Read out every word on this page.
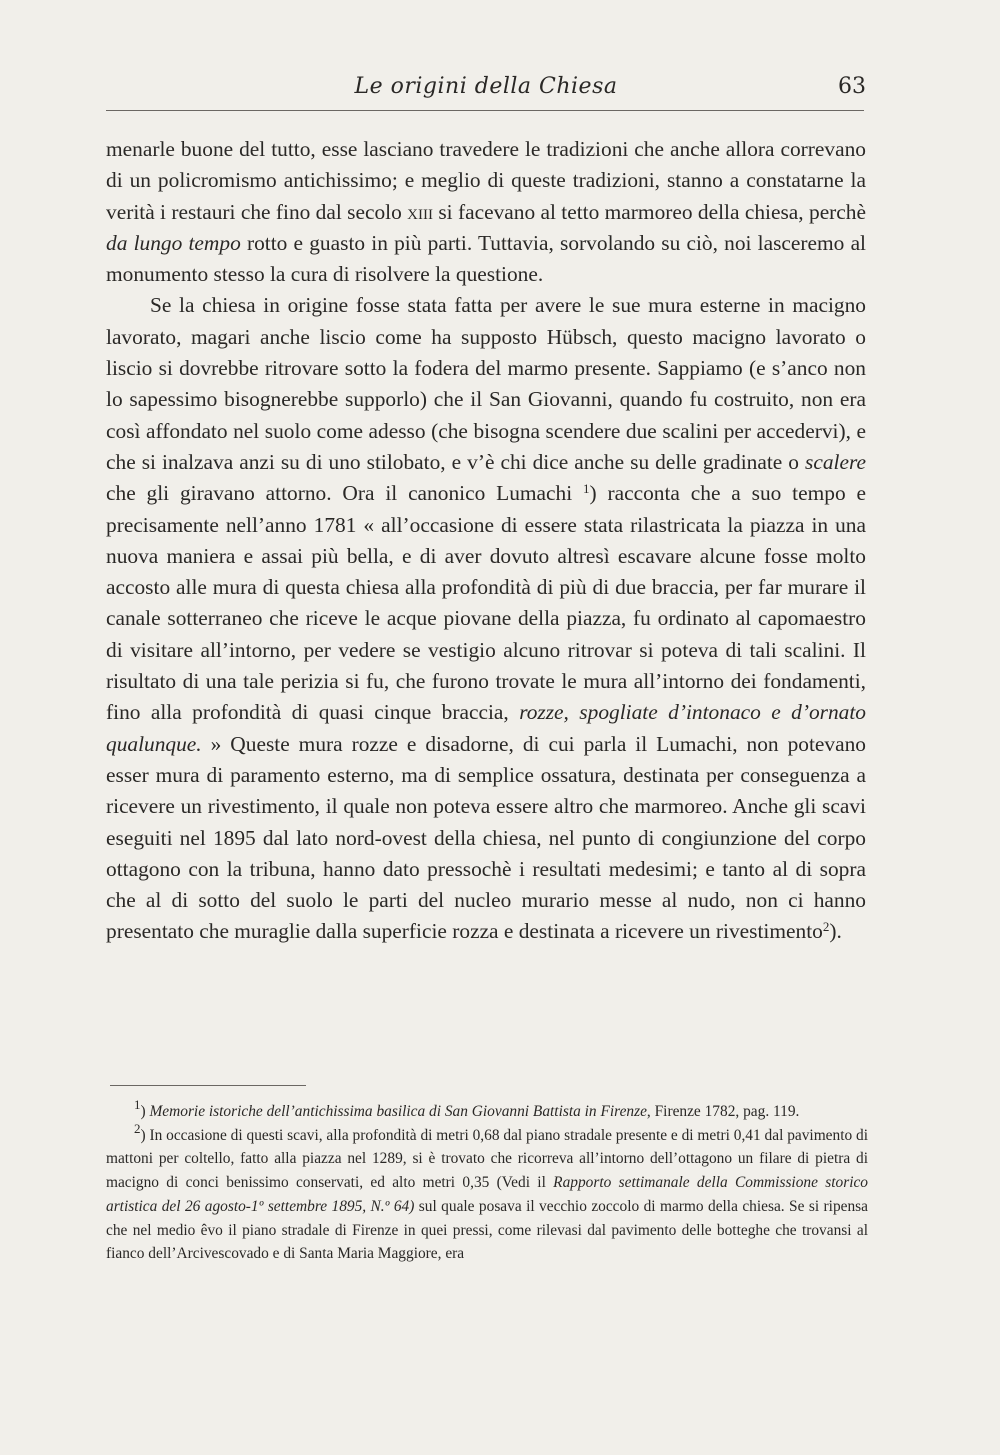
Le origini della Chiesa	63

menarle buone del tutto, esse lasciano travedere le tradizioni che anche allora correvano di un policromismo antichissimo; e meglio di queste tradizioni, stanno a constatarne la verità i restauri che fino dal secolo xiii si facevano al tetto marmoreo della chiesa, perchè da lungo tempo rotto e guasto in più parti. Tuttavia, sorvolando su ciò, noi lasceremo al monumento stesso la cura di risolvere la questione.

Se la chiesa in origine fosse stata fatta per avere le sue mura esterne in macigno lavorato, magari anche liscio come ha supposto Hübsch, questo macigno lavorato o liscio si dovrebbe ritrovare sotto la fodera del marmo presente. Sappiamo (e s’anco non lo sapessimo bisognerebbe supporlo) che il San Giovanni, quando fu costruito, non era così affondato nel suolo come adesso (che bisogna scendere due scalini per accedervi), e che si inalzava anzi su di uno stilobato, e v’è chi dice anche su delle gradinate o scalere che gli giravano attorno. Ora il canonico Lumachi $^1$) racconta che a suo tempo e precisamente nell’anno 1781 « all’occasione di essere stata rilastricata la piazza in una nuova maniera e assai più bella, e di aver dovuto altresì escavare alcune fosse molto accosto alle mura di questa chiesa alla profondità di più di due braccia, per far murare il canale sotterraneo che riceve le acque piovane della piazza, fu ordinato al capomaestro di visitare all’intorno, per vedere se vestigio alcuno ritrovar si poteva di tali scalini. Il risultato di una tale perizia si fu, che furono trovate le mura all’intorno dei fondamenti, fino alla profondità di quasi cinque braccia, rozze, spogliate d’intonaco e d’ornato qualunque. » Queste mura rozze e disadorne, di cui parla il Lumachi, non potevano esser mura di paramento esterno, ma di semplice ossatura, destinata per conseguenza a ricevere un rivestimento, il quale non poteva essere altro che marmoreo. Anche gli scavi eseguiti nel 1895 dal lato nord-ovest della chiesa, nel punto di congiunzione del corpo ottagono con la tribuna, hanno dato pressochè i resultati medesimi; e tanto al di sopra che al di sotto del suolo le parti del nucleo murario messe al nudo, non ci hanno presentato che muraglie dalla superficie rozza e destinata a ricevere un rivestimento$^2$).

$^1$) Memorie istoriche dell’antichissima basilica di San Giovanni Battista in Firenze, Firenze 1782, pag. 119.

$^2$) In occasione di questi scavi, alla profondità di metri 0,68 dal piano stradale presente e di metri 0,41 dal pavimento di mattoni per coltello, fatto alla piazza nel 1289, si è trovato che ricorreva all’intorno dell’ottagono un filare di pietra di macigno di conci benissimo conservati, ed alto metri 0,35 (Vedi il Rapporto settimanale della Commissione storico artistica del 26 agosto-1º settembre 1895, N.º 64) sul quale posava il vecchio zoccolo di marmo della chiesa. Se si ripensa che nel medio êvo il piano stradale di Firenze in quei pressi, come rilevasi dal pavimento delle botteghe che trovansi al fianco dell’Arcivescovado e di Santa Maria Maggiore, era
